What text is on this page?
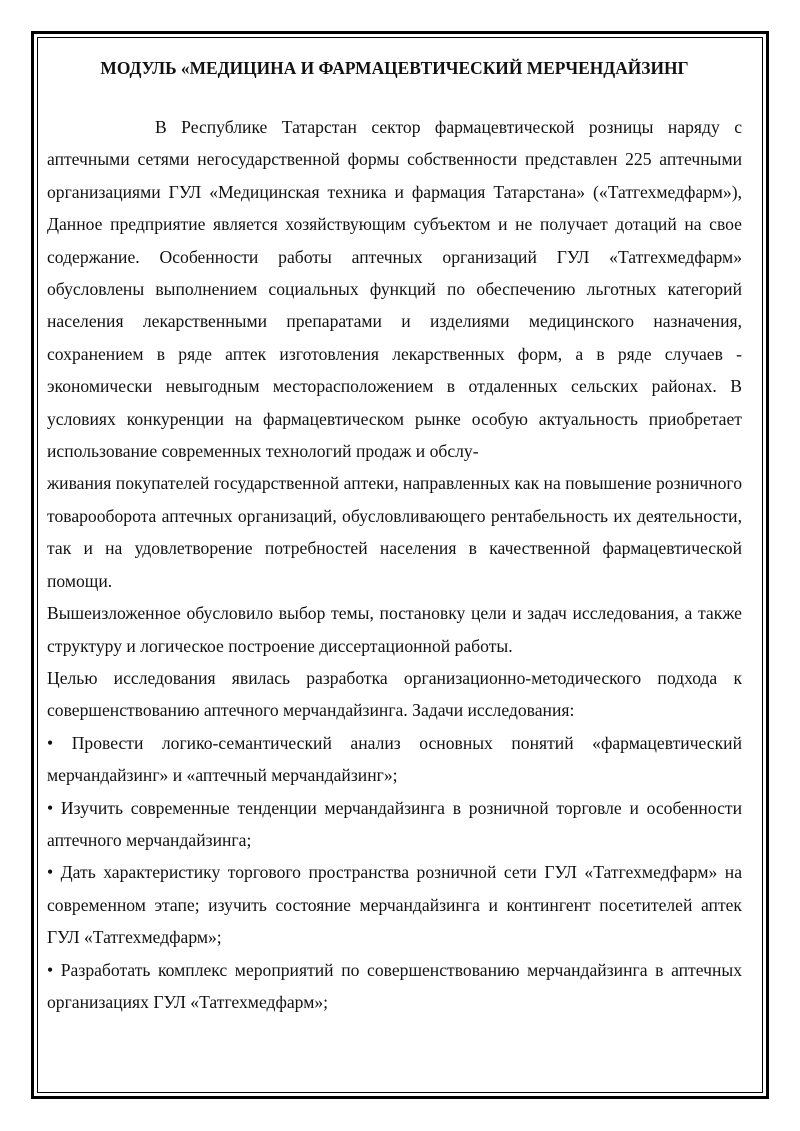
МОДУЛЬ «МЕДИЦИНА И ФАРМАЦЕВТИЧЕСКИЙ МЕРЧЕНДАЙЗИНГ

В Республике Татарстан сектор фармацевтической розницы наряду с аптечными сетями негосударственной формы собственности представлен 225 аптечными организациями ГУЛ «Медицинская техника и фармация Татарстана» («Татгехмедфарм»), Данное предприятие является хозяйствующим субъектом и не получает дотаций на свое содержание. Особенности работы аптечных организаций ГУЛ «Татгехмедфарм» обусловлены выполнением социальных функций по обеспечению льготных категорий населения лекарственными препаратами и изделиями медицинского назначения, сохранением в ряде аптек изготовления лекарственных форм, а в ряде случаев - экономически невыгодным месторасположением в отдаленных сельских районах. В условиях конкуренции на фармацевтическом рынке особую актуальность приобретает использование современных технологий продаж и обслу-

живания покупателей государственной аптеки, направленных как на повышение розничного товарооборота аптечных организаций, обусловливающего рентабельность их деятельности, так и на удовлетворение потребностей населения в качественной фармацевтической помощи.

Вышеизложенное обусловило выбор темы, постановку цели и задач исследования, а также структуру и логическое построение диссертационной работы.

Целью исследования явилась разработка организационно-методического подхода к совершенствованию аптечного мерчандайзинга. Задачи исследования:

• Провести логико-семантический анализ основных понятий «фармацевтический мерчандайзинг» и «аптечный мерчандайзинг»;

• Изучить современные тенденции мерчандайзинга в розничной торговле и особенности аптечного мерчандайзинга;

• Дать характеристику торгового пространства розничной сети ГУЛ «Татгехмедфарм» на современном этапе; изучить состояние мерчандайзинга и контингент посетителей аптек ГУЛ «Татгехмедфарм»;

• Разработать комплекс мероприятий по совершенствованию мерчандайзинга в аптечных организациях ГУЛ «Татгехмедфарм»;
